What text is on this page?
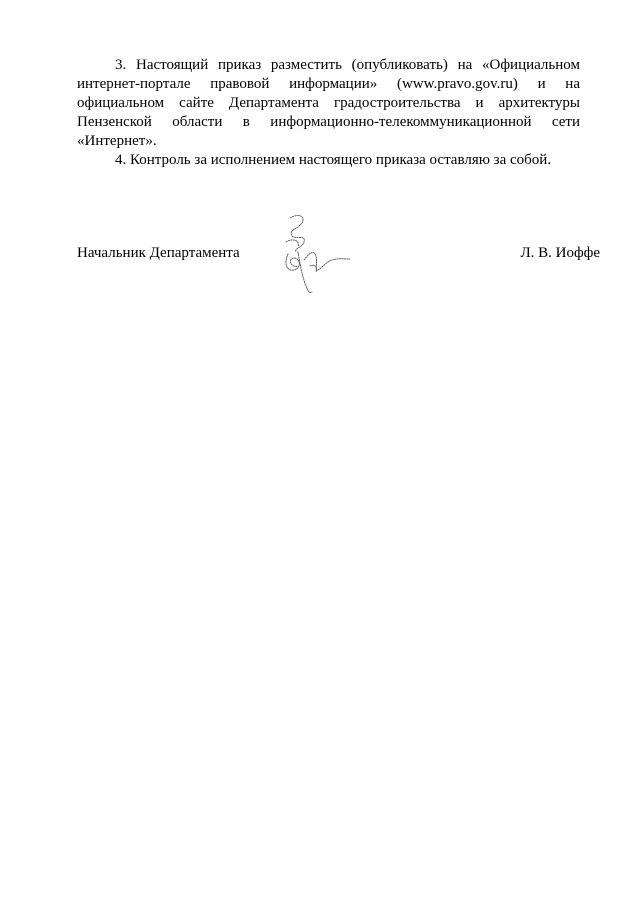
3. Настоящий приказ разместить (опубликовать) на «Официальном интернет-портале правовой информации» (www.pravo.gov.ru) и на официальном сайте Департамента градостроительства и архитектуры Пензенской области в информационно-телекоммуникационной сети «Интернет».

4. Контроль за исполнением настоящего приказа оставляю за собой.

Начальник Департамента	Л. В. Иоффе
